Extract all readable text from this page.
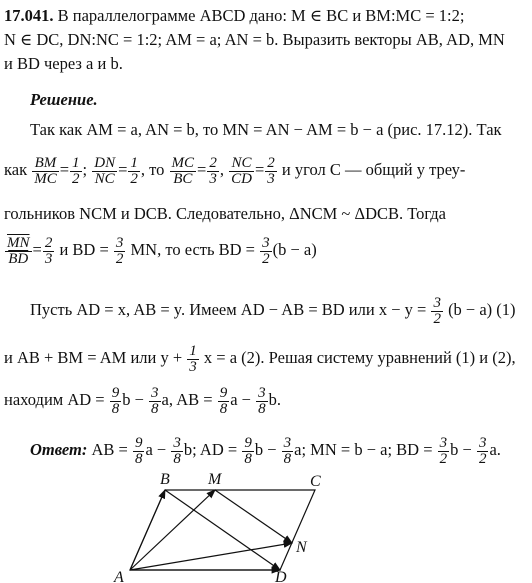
17.041. В параллелограмме ABCD дано: M ∈ BC и BM:MC = 1:2;
N ∈ DC, DN:NC = 1:2; AM = a; AN = b. Выразить векторы AB, AD, MN
и BD через a и b.
Решение.
Так как AM = a, AN = b, то MN = AN − AM = b − a (рис. 17.12). Так
как $\frac{BM}{MC} = \frac{1}{2}$ ; $\frac{DN}{NC} = \frac{1}{2}$ , то $\frac{MC}{BC} = \frac{2}{3}$ , $\frac{NC}{CD} = \frac{2}{3}$ и угол C — общий у треу-
гольников NCM и DCB. Следовательно, ΔNCM ~ ΔDCB. Тогда
$\frac{\overline{MN}}{BD} = \frac{2}{3}$ и BD = $\frac{3}{2}$ MN, то есть BD = $\frac{3}{2} (b - a)$
Пусть AD = x, AB = y. Имеем AD − AB = BD или $x - y = \frac{3}{2} (b - a)$ (1)
и AB + BM = AM или $y + \frac{1}{3}$ x = a (2). Решая систему уравнений (1) и (2),
находим AD = $\frac{9}{8}$ $b - \frac{3}{8} a$, AB = $\frac{9}{8}$ $a - \frac{3}{8} b$.
Ответ: AB = $\frac{9}{8}$ $a - \frac{3}{8} b$; AD = $\frac{9}{8}$ $b - \frac{3}{8} a$; MN = b − a; BD = $\frac{3}{2}$ $b - \frac{3}{2} a$.
A
B	C
D
M
N
